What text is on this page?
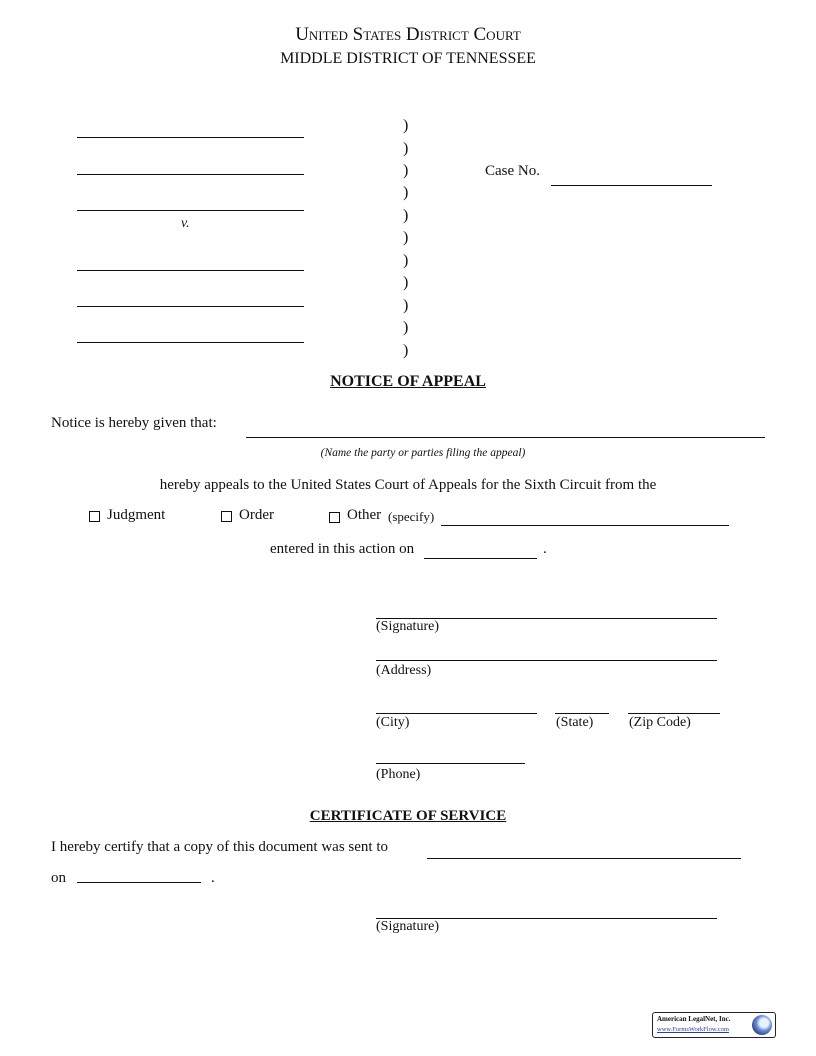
United States District Court
MIDDLE DISTRICT OF TENNESSEE
v.
)
)
)
)
)
)
)
)
)
)
)
Case No.
NOTICE OF APPEAL
Notice is hereby given that:
(Name the party or parties filing the appeal)
hereby appeals to the United States Court of Appeals for the Sixth Circuit from the
Judgment	Order	Other (specify)
entered in this action on	.
(Signature)
(Address)
(City)	(State)	(Zip Code)
(Phone)
CERTIFICATE OF SERVICE
I hereby certify that a copy of this document was sent to
on	.
(Signature)
American LegalNet, Inc.
www.FormsWorkFlow.com
